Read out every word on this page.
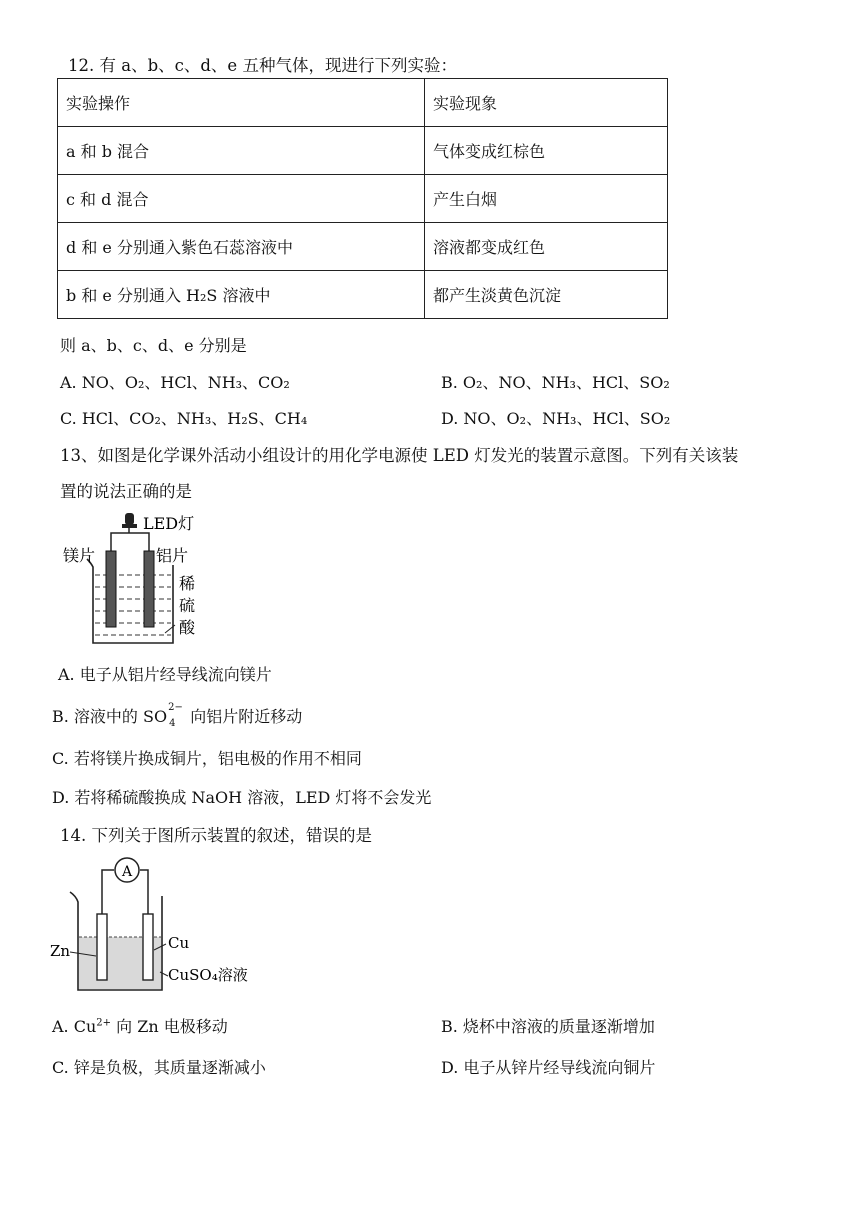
12. 有 a、b、c、d、e 五种气体，现进行下列实验：
实验操作	实验现象
a 和 b 混合	气体变成红棕色
c 和 d 混合	产生白烟
d 和 e 分别通入紫色石蕊溶液中	溶液都变成红色
b 和 e 分别通入 H₂S 溶液中	都产生淡黄色沉淀
则 a、b、c、d、e 分别是
A. NO、O₂、HCl、NH₃、CO₂	B. O₂、NO、NH₃、HCl、SO₂
C. HCl、CO₂、NH₃、H₂S、CH₄	D. NO、O₂、NH₃、HCl、SO₂
13、如图是化学课外活动小组设计的用化学电源使 LED 灯发光的装置示意图。下列有关该装
置的说法正确的是
LED灯
镁片	铝片
稀
硫
酸
A. 电子从铝片经导线流向镁片
B. 溶液中的 SO 2−
4 向铝片附近移动
C. 若将镁片换成铜片，铝电极的作用不相同
D. 若将稀硫酸换成 NaOH 溶液，LED 灯将不会发光
14. 下列关于图所示装置的叙述，错误的是
A
Zn	Cu
CuSO₄溶液
A. $Cu^{2+}$ 向 Zn 电极移动	B. 烧杯中溶液的质量逐渐增加
C. 锌是负极，其质量逐渐减小	D. 电子从锌片经导线流向铜片
